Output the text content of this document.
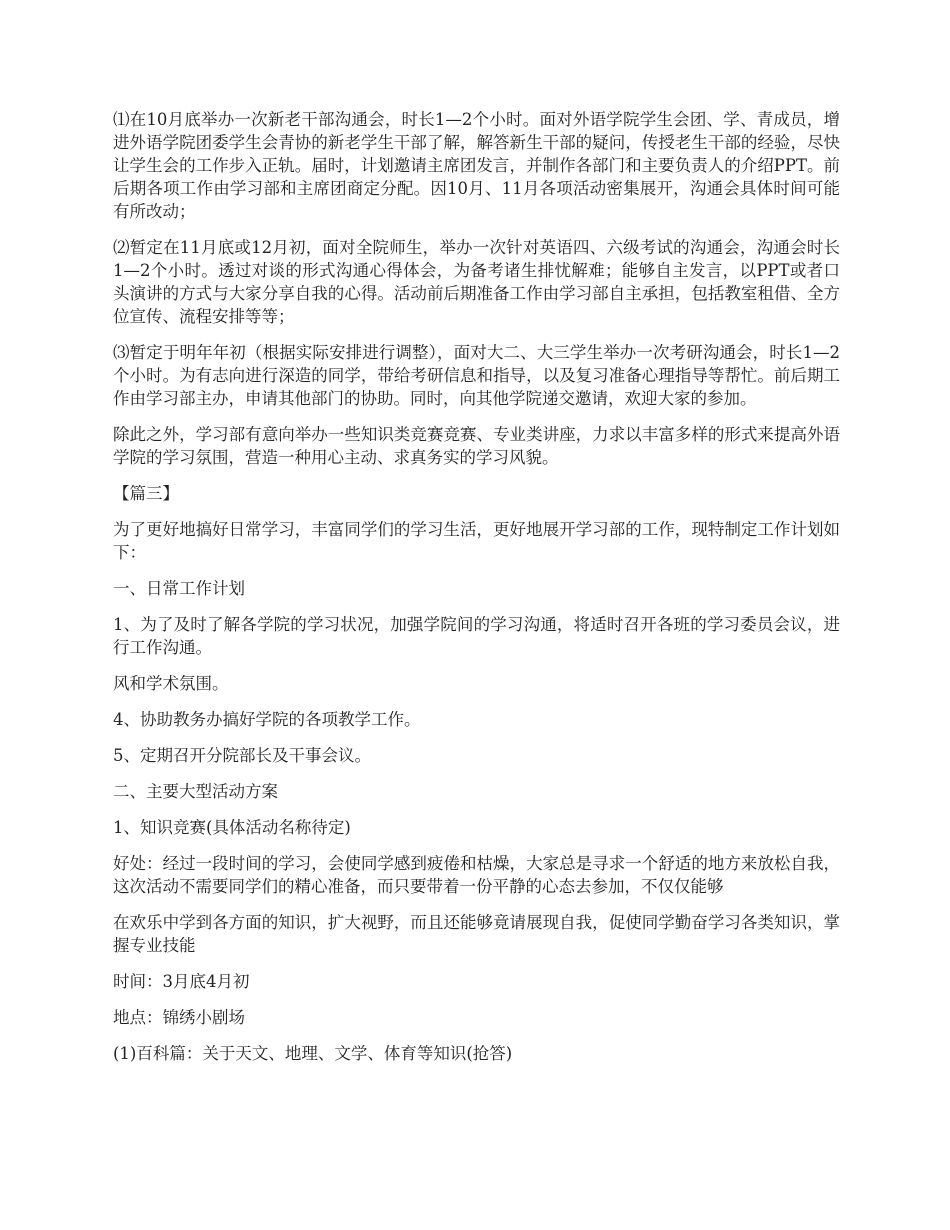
⑴在10月底举办一次新老干部沟通会，时长1—2个小时。面对外语学院学生会团、学、青成员，增进外语学院团委学生会青协的新老学生干部了解，解答新生干部的疑问，传授老生干部的经验，尽快让学生会的工作步入正轨。届时，计划邀请主席团发言，并制作各部门和主要负责人的介绍PPT。前后期各项工作由学习部和主席团商定分配。因10月、11月各项活动密集展开，沟通会具体时间可能有所改动；

⑵暂定在11月底或12月初，面对全院师生，举办一次针对英语四、六级考试的沟通会，沟通会时长1—2个小时。透过对谈的形式沟通心得体会，为备考诸生排忧解难；能够自主发言，以PPT或者口头演讲的方式与大家分享自我的心得。活动前后期准备工作由学习部自主承担，包括教室租借、全方位宣传、流程安排等等；

⑶暂定于明年年初（根据实际安排进行调整），面对大二、大三学生举办一次考研沟通会，时长1—2个小时。为有志向进行深造的同学，带给考研信息和指导，以及复习准备心理指导等帮忙。前后期工作由学习部主办，申请其他部门的协助。同时，向其他学院递交邀请，欢迎大家的参加。

除此之外，学习部有意向举办一些知识类竞赛竞赛、专业类讲座，力求以丰富多样的形式来提高外语学院的学习氛围，营造一种用心主动、求真务实的学习风貌。

【篇三】

为了更好地搞好日常学习，丰富同学们的学习生活，更好地展开学习部的工作，现特制定工作计划如下：

一、日常工作计划

1、为了及时了解各学院的学习状况，加强学院间的学习沟通，将适时召开各班的学习委员会议，进行工作沟通。

风和学术氛围。

4、协助教务办搞好学院的各项教学工作。

5、定期召开分院部长及干事会议。

二、主要大型活动方案

1、知识竞赛(具体活动名称待定)

好处：经过一段时间的学习，会使同学感到疲倦和枯燥，大家总是寻求一个舒适的地方来放松自我，这次活动不需要同学们的精心准备，而只要带着一份平静的心态去参加，不仅仅能够

在欢乐中学到各方面的知识，扩大视野，而且还能够竟请展现自我，促使同学勤奋学习各类知识，掌握专业技能

时间：3月底4月初

地点：锦绣小剧场

(1)百科篇：关于天文、地理、文学、体育等知识(抢答)
